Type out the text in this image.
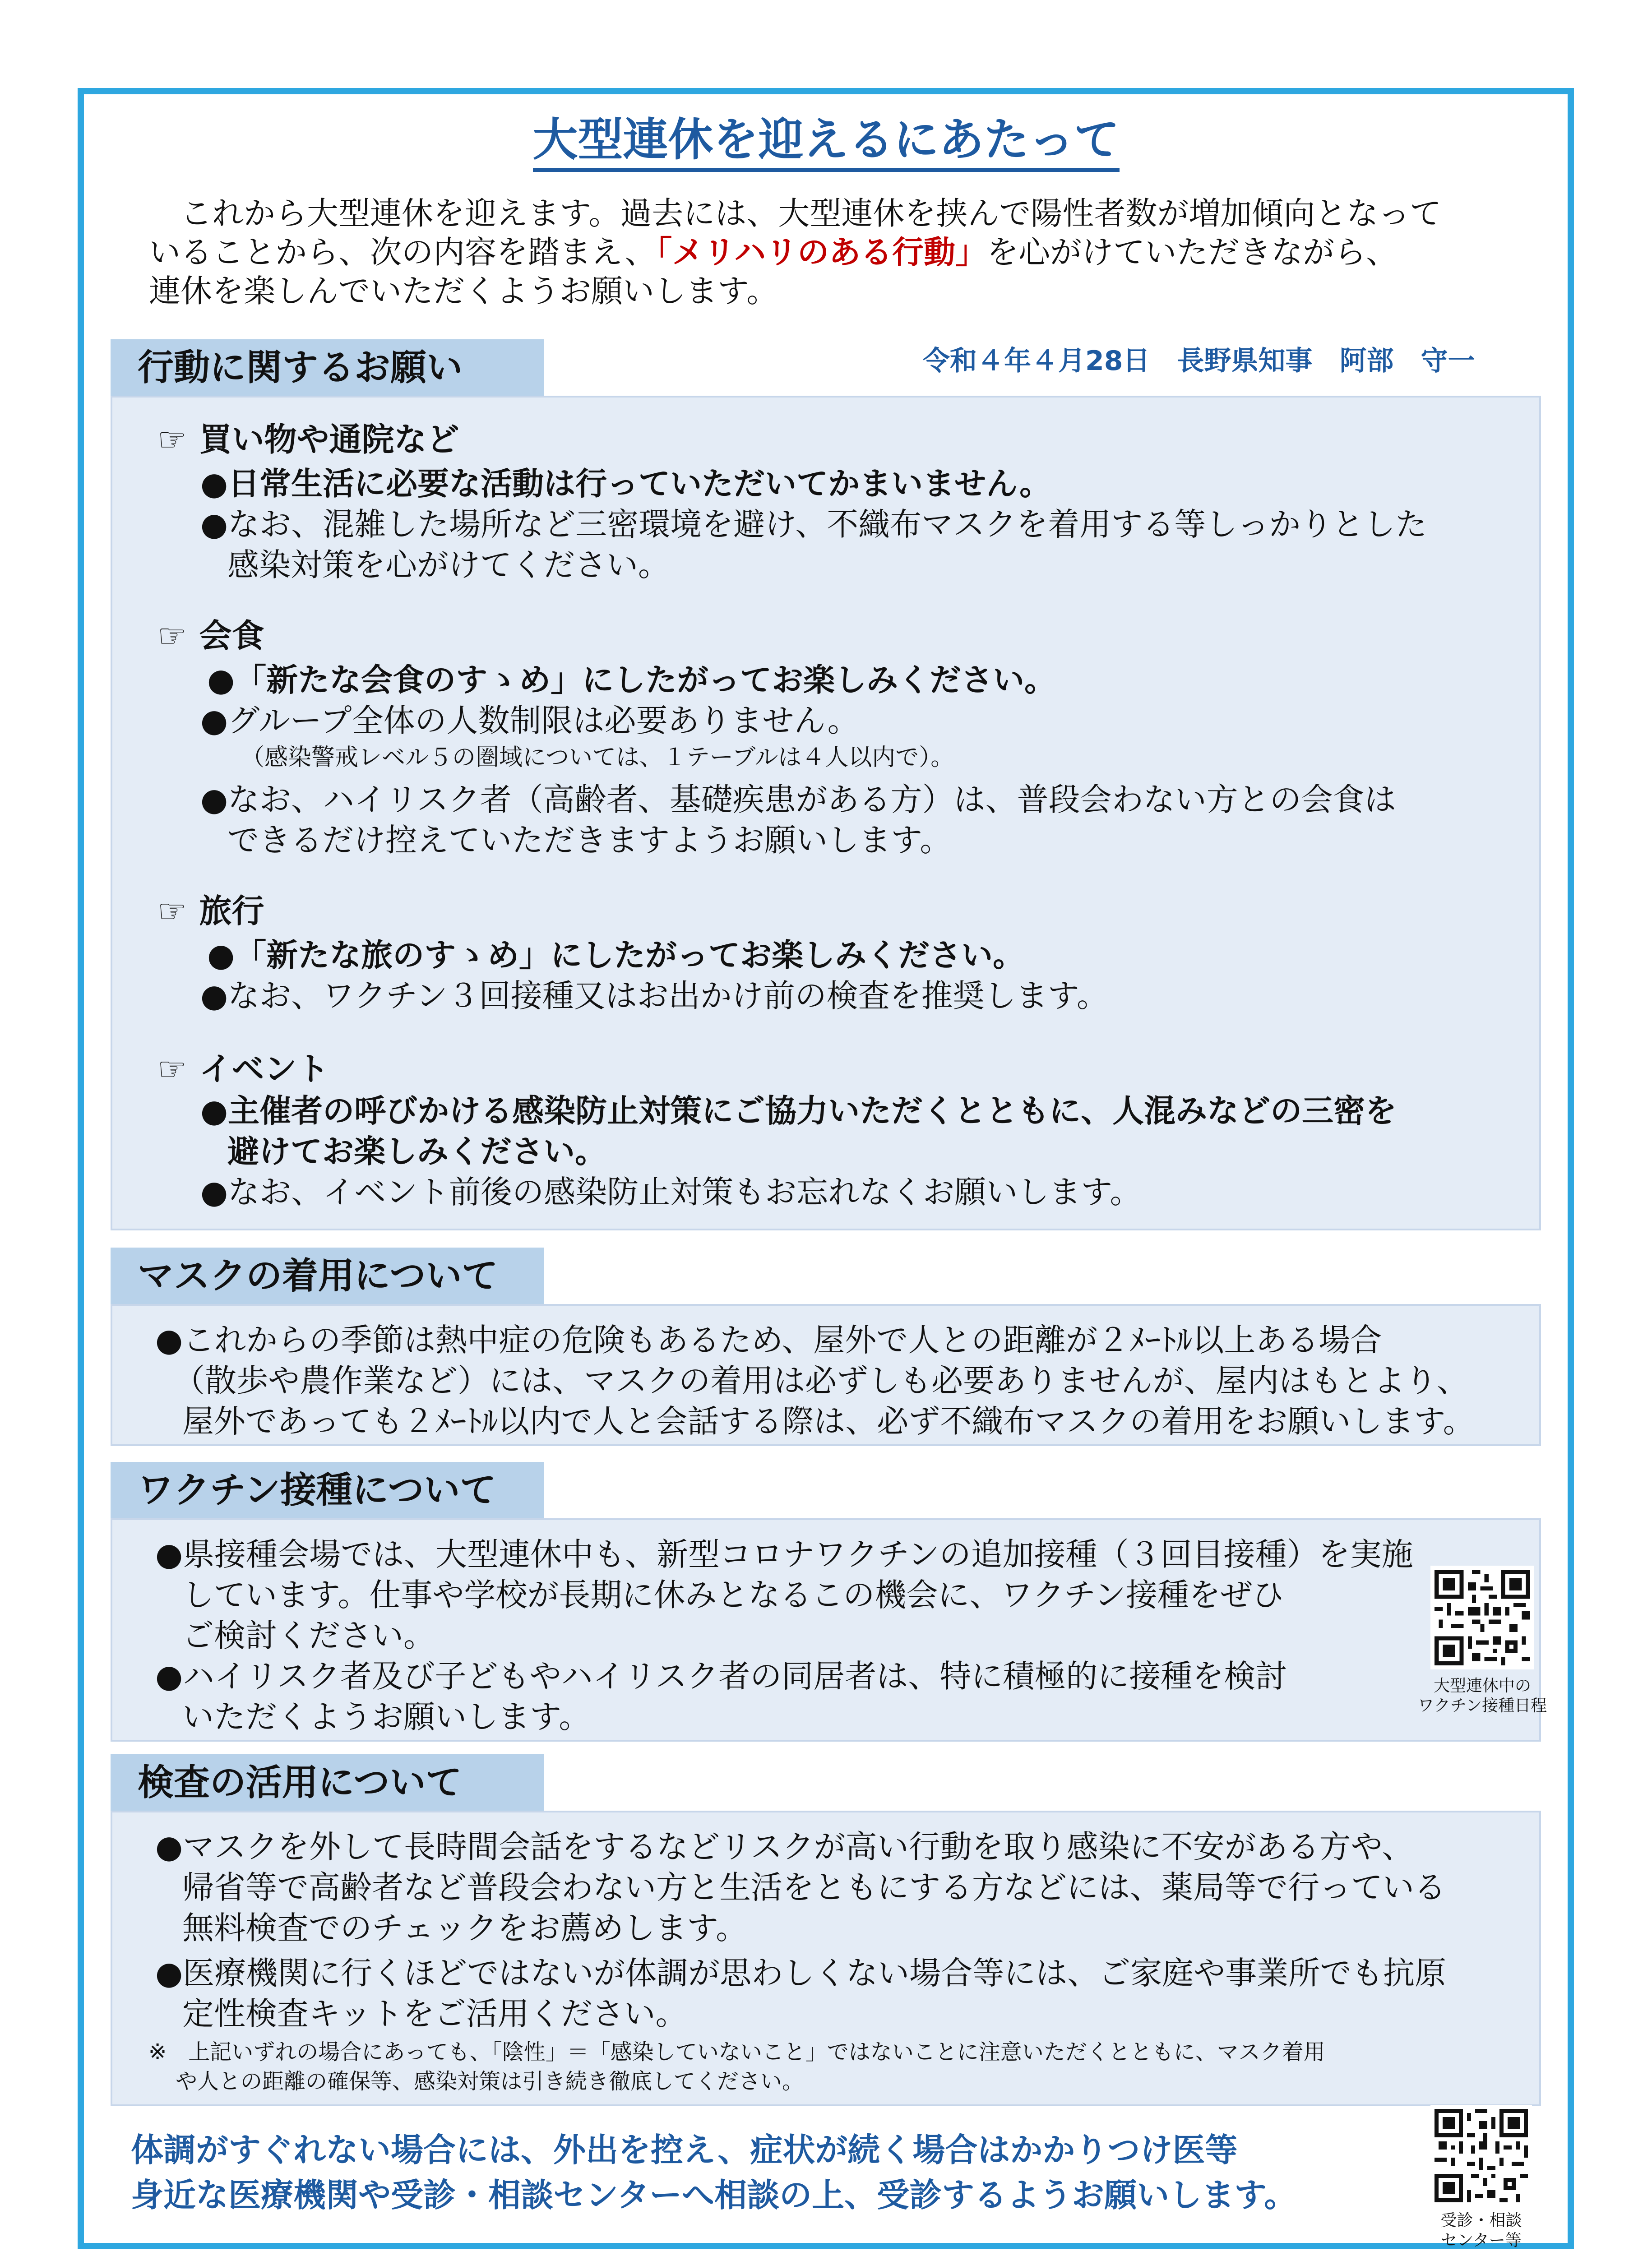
大型連休を迎えるにあたって
これから大型連休を迎えます。過去には、大型連休を挟んで陽性者数が増加傾向となって
いることから、次の内容を踏まえ、「メリハリのある行動」を心がけていただきながら、
連休を楽しんでいただくようお願いします。
令和４年４月28日　長野県知事　阿部　守一
行動に関するお願い
☞ 買い物や通院など
●日常生活に必要な活動は行っていただいてかまいません。
●なお、混雑した場所など三密環境を避け、不織布マスクを着用する等しっかりとした
感染対策を心がけてください。
☞ 会食
●「新たな会食のすゝめ」にしたがってお楽しみください。
●グループ全体の人数制限は必要ありません。
（感染警戒レベル５の圏域については、１テーブルは４人以内で）。
●なお、ハイリスク者（高齢者、基礎疾患がある方）は、普段会わない方との会食は
できるだけ控えていただきますようお願いします。
☞ 旅行
●「新たな旅のすゝめ」にしたがってお楽しみください。
●なお、ワクチン３回接種又はお出かけ前の検査を推奨します。
☞ イベント
●主催者の呼びかける感染防止対策にご協力いただくとともに、人混みなどの三密を
避けてお楽しみください。
●なお、イベント前後の感染防止対策もお忘れなくお願いします。
マスクの着用について
●これからの季節は熱中症の危険もあるため、屋外で人との距離が２ﾒｰﾄﾙ以上ある場合
（散歩や農作業など）には、マスクの着用は必ずしも必要ありませんが、屋内はもとより、
屋外であっても２ﾒｰﾄﾙ以内で人と会話する際は、必ず不織布マスクの着用をお願いします。
ワクチン接種について
●県接種会場では、大型連休中も、新型コロナワクチンの追加接種（３回目接種）を実施
しています。仕事や学校が長期に休みとなるこの機会に、ワクチン接種をぜひ
ご検討ください。
●ハイリスク者及び子どもやハイリスク者の同居者は、特に積極的に接種を検討
いただくようお願いします。
大型連休中の
ワクチン接種日程
検査の活用について
●マスクを外して長時間会話をするなどリスクが高い行動を取り感染に不安がある方や、
帰省等で高齢者など普段会わない方と生活をともにする方などには、薬局等で行っている
無料検査でのチェックをお薦めします。
●医療機関に行くほどではないが体調が思わしくない場合等には、ご家庭や事業所でも抗原
定性検査キットをご活用ください。
※　上記いずれの場合にあっても、「陰性」＝「感染していないこと」ではないことに注意いただくとともに、マスク着用
や人との距離の確保等、感染対策は引き続き徹底してください。
体調がすぐれない場合には、外出を控え、症状が続く場合はかかりつけ医等
身近な医療機関や受診・相談センターへ相談の上、受診するようお願いします。
受診・相談
センター等
